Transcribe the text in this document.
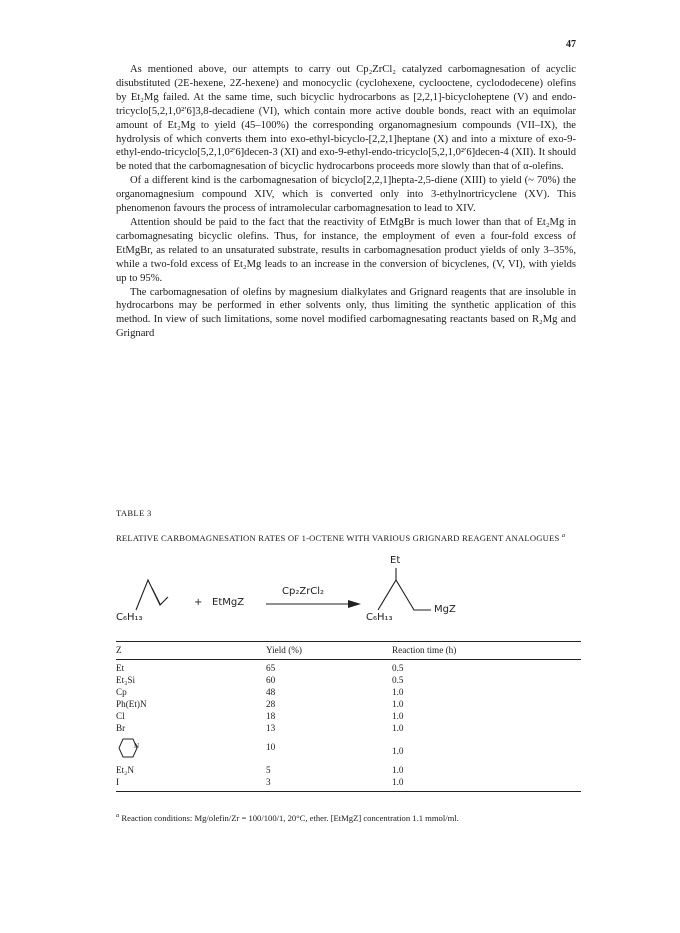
47

As mentioned above, our attempts to carry out Cp₂ZrCl₂ catalyzed carbomagnesation of acyclic disubstituted (2E-hexene, 2Z-hexene) and monocyclic (cyclohexene, cyclooctene, cyclododecene) olefins by Et₂Mg failed. At the same time, such bicyclic hydrocarbons as [2,2,1]-bicycloheptene (V) and endo-tricyclo[5,2,1,0²ʹ6]3,8-decadiene (VI), which contain more active double bonds, react with an equimolar amount of Et₂Mg to yield (45–100%) the corresponding organomagnesium compounds (VII–IX), the hydrolysis of which converts them into exo-ethyl-bicyclo-[2,2,1]heptane (X) and into a mixture of exo-9-ethyl-endo-tricyclo[5,2,1,0²ʹ6]decen-3 (XI) and exo-9-ethyl-endo-tricyclo[5,2,1,0²ʹ6]decen-4 (XII). It should be noted that the carbomagnesation of bicyclic hydrocarbons proceeds more slowly than that of α-olefins.

Of a different kind is the carbomagnesation of bicyclo[2,2,1]hepta-2,5-diene (XIII) to yield (~ 70%) the organomagnesium compound XIV, which is converted only into 3-ethylnortricyclene (XV). This phenomenon favours the process of intramolecular carbomagnesation to lead to XIV.

Attention should be paid to the fact that the reactivity of EtMgBr is much lower than that of Et₂Mg in carbomagnesating bicyclic olefins. Thus, for instance, the employment of even a four-fold excess of EtMgBr, as related to an unsaturated substrate, results in carbomagnesation product yields of only 3–35%, while a two-fold excess of Et₂Mg leads to an increase in the conversion of bicyclenes, (V, VI), with yields up to 95%.

The carbomagnesation of olefins by magnesium dialkylates and Grignard reagents that are insoluble in hydrocarbons may be performed in ether solvents only, thus limiting the synthetic application of this method. In view of such limitations, some novel modified carbomagnesating reactants based on R₂Mg and Grignard

TABLE 3
RELATIVE CARBOMAGNESATION RATES OF 1-OCTENE WITH VARIOUS GRIGNARD REAGENT ANALOGUES $^a$
C₆H₁₃
+ EtMgZ
Cp₂ZrCl₂
C₆H₁₃
Et
MgZ
Z	Yield (%)	Reaction time (h)
Et	65	0.5
Et₃Si	60	0.5
Cp	48	1.0
Ph(Et)N	28	1.0
Cl	18	1.0
Br	13	1.0
N	10	1.0
Et₂N	5	1.0
I	3	1.0
$^a$ Reaction conditions: Mg/olefin/Zr = 100/100/1, 20°C, ether. [EtMgZ] concentration 1.1 mmol/ml.
